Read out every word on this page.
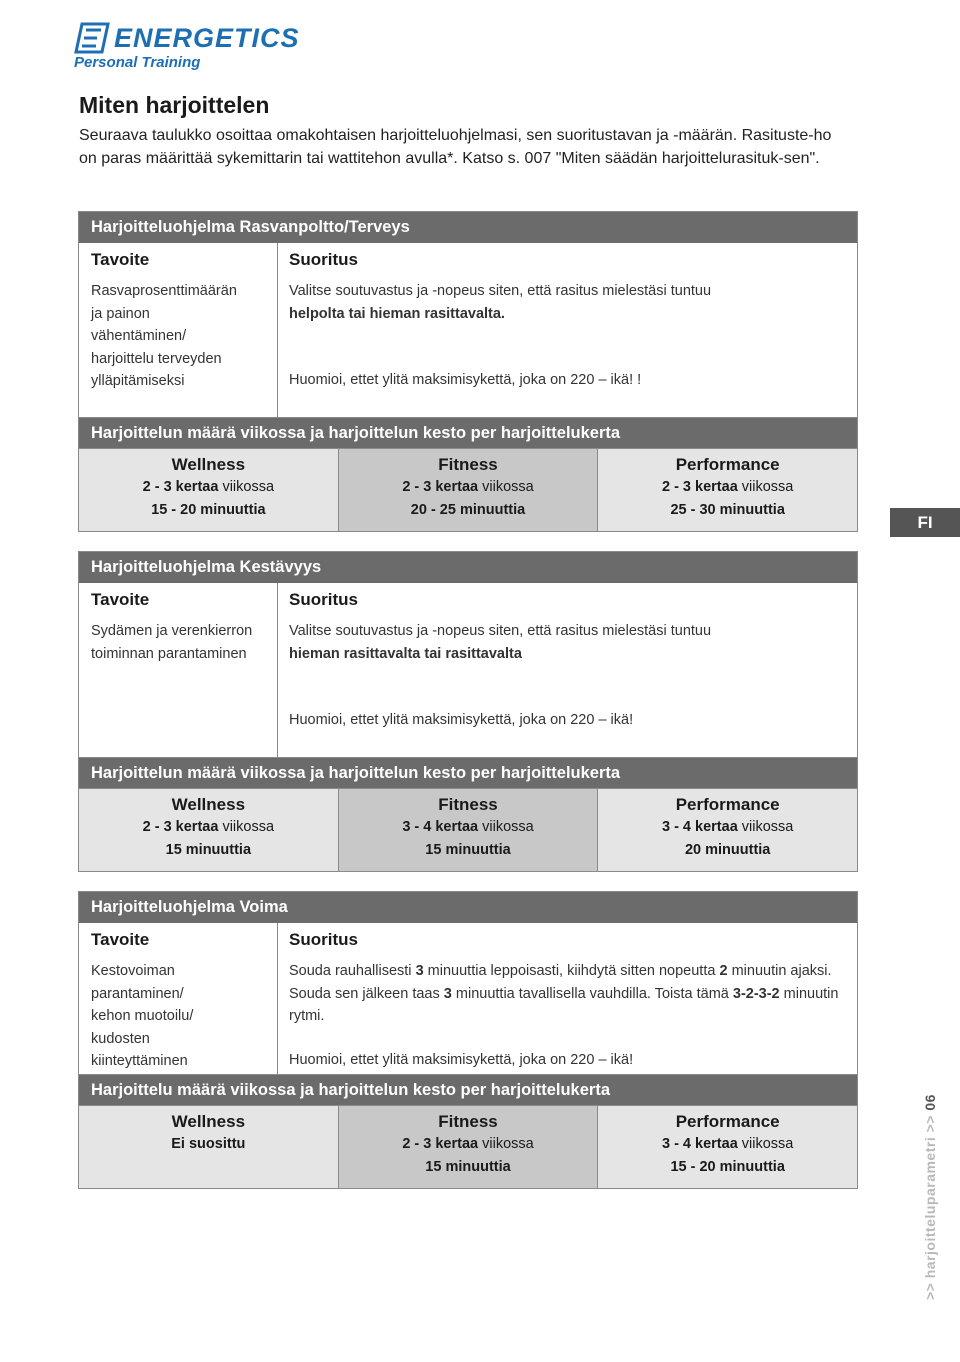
ENERGETICS
Personal Training
Miten harjoittelen
Seuraava taulukko osoittaa omakohtaisen harjoitteluohjelmasi, sen suoritustavan ja -määrän. Rasituste-ho on paras määrittää sykemittarin tai wattitehon avulla*. Katso s. 007 "Miten säädän harjoittelurasituk-sen".
Harjoitteluohjelma Rasvanpoltto/Terveys
Tavoite
Rasvaprosenttimäärän
ja painon
vähentäminen/
harjoittelu terveyden
ylläpitämiseksi
Suoritus
Valitse soutuvastus ja -nopeus siten, että rasitus mielestäsi tuntuu
helpolta tai hieman rasittavalta.
Huomioi, ettet ylitä maksimisykettä, joka on 220 – ikä! !
Harjoittelun määrä viikossa ja harjoittelun kesto per harjoittelukerta
Wellness
2 - 3 kertaa viikossa
15 - 20 minuuttia
Fitness
2 - 3 kertaa viikossa
20 - 25 minuuttia
Performance
2 - 3 kertaa viikossa
25 - 30 minuuttia
FI
Harjoitteluohjelma Kestävyys
Tavoite
Sydämen ja verenkierron
toiminnan parantaminen
Suoritus
Valitse soutuvastus ja -nopeus siten, että rasitus mielestäsi tuntuu
hieman rasittavalta tai rasittavalta
Huomioi, ettet ylitä maksimisykettä, joka on 220 – ikä!
Harjoittelun määrä viikossa ja harjoittelun kesto per harjoittelukerta
Wellness
2 - 3 kertaa viikossa
15 minuuttia
Fitness
3 - 4 kertaa viikossa
15 minuuttia
Performance
3 - 4 kertaa viikossa
20 minuuttia
Harjoitteluohjelma Voima
Tavoite
Kestovoiman
parantaminen/
kehon muotoilu/
kudosten
kiinteyttäminen
Suoritus
Souda rauhallisesti 3 minuuttia leppoisasti, kiihdytä sitten nopeutta 2 minuutin ajaksi. Souda sen jälkeen taas 3 minuuttia tavallisella vauhdilla. Toista tämä 3-2-3-2 minuutin rytmi.
Huomioi, ettet ylitä maksimisykettä, joka on 220 – ikä!
Harjoittelu määrä viikossa ja harjoittelun kesto per harjoittelukerta
Wellness
Ei suosittu
Fitness
2 - 3 kertaa viikossa
15 minuuttia
Performance
3 - 4 kertaa viikossa
15 - 20 minuuttia	>> harjoitteluparametri >> 06
